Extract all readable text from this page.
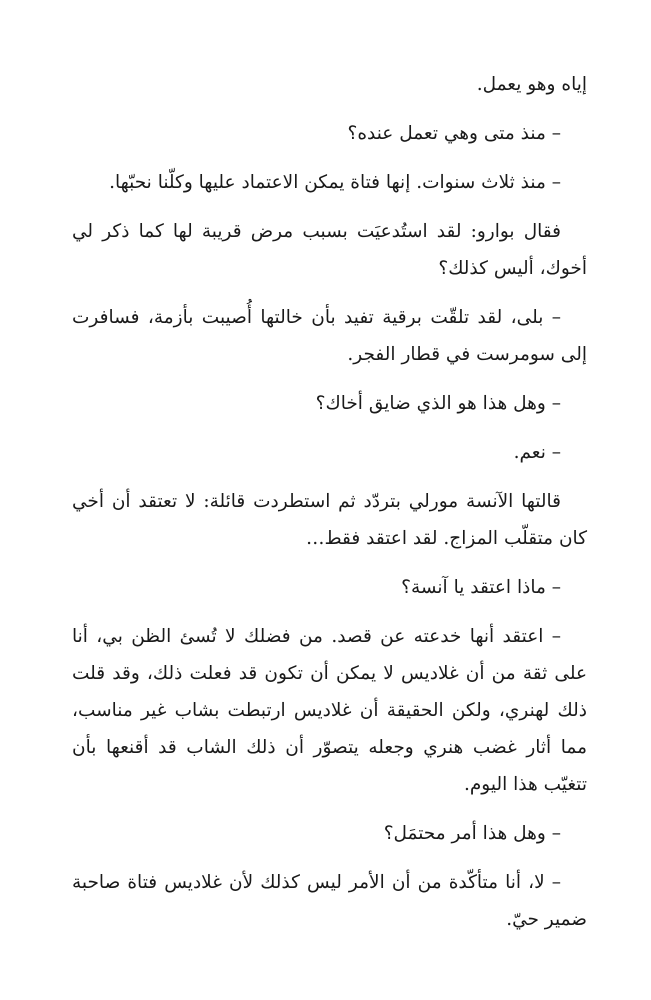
إياه وهو يعمل.

– منذ متى وهي تعمل عنده؟

– منذ ثلاث سنوات. إنها فتاة يمكن الاعتماد عليها وكلّنا نحبّها.

فقال بوارو: لقد استُدعيَت بسبب مرض قريبة لها كما ذكر لي أخوك، أليس كذلك؟

– بلى، لقد تلقّت برقية تفيد بأن خالتها أُصيبت بأزمة، فسافرت إلى سومرست في قطار الفجر.

– وهل هذا هو الذي ضايق أخاك؟

– نعم.

قالتها الآنسة مورلي بتردّد ثم استطردت قائلة: لا تعتقد أن أخي كان متقلّب المزاج. لقد اعتقد فقط…

– ماذا اعتقد يا آنسة؟

– اعتقد أنها خدعته عن قصد. من فضلك لا تُسئ الظن بي، أنا على ثقة من أن غلاديس لا يمكن أن تكون قد فعلت ذلك، وقد قلت ذلك لهنري، ولكن الحقيقة أن غلاديس ارتبطت بشاب غير مناسب، مما أثار غضب هنري وجعله يتصوّر أن ذلك الشاب قد أقنعها بأن تتغيّب هذا اليوم.

– وهل هذا أمر محتمَل؟

– لا، أنا متأكّدة من أن الأمر ليس كذلك لأن غلاديس فتاة صاحبة ضمير حيّ.
